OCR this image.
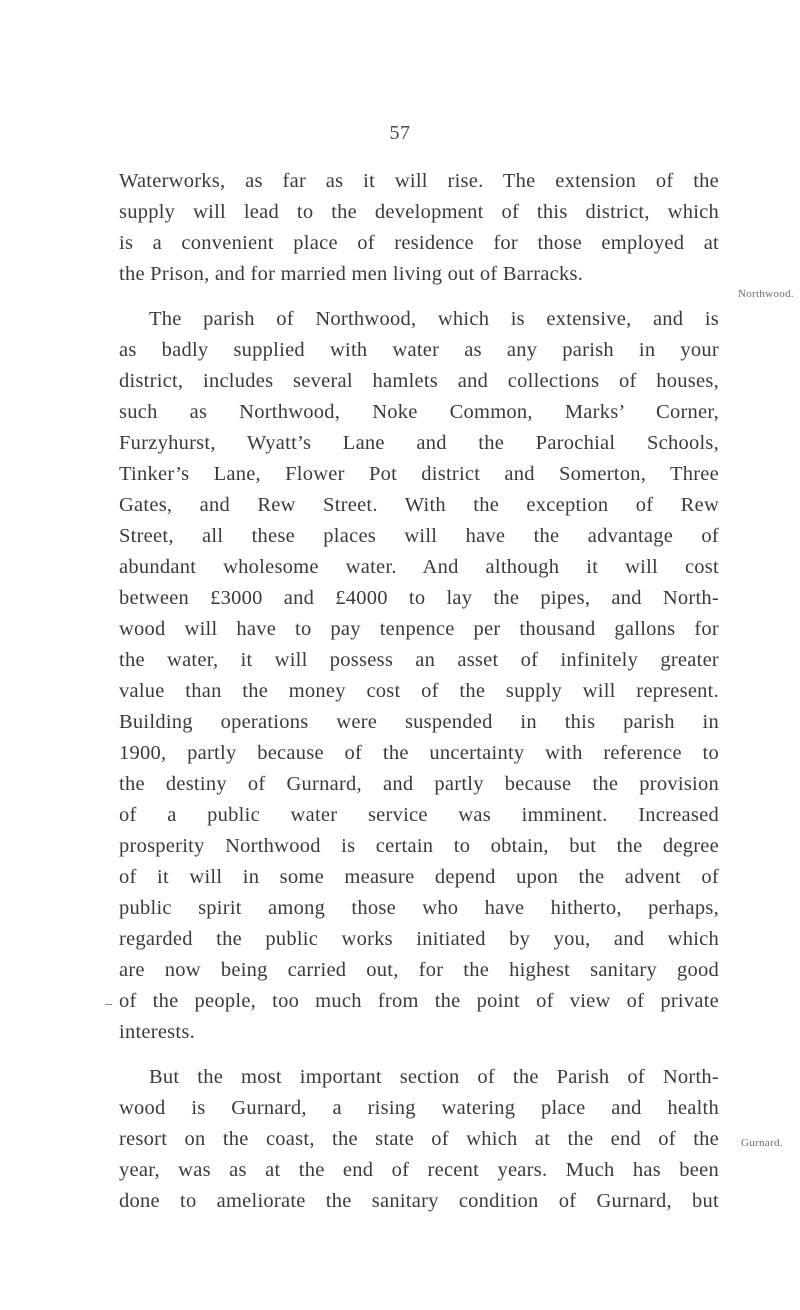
57
Waterworks, as far as it will rise. The extension of the
supply will lead to the development of this district, which
is a convenient place of residence for those employed at
the Prison, and for married men living out of Barracks.
The parish of Northwood, which is extensive, and is
as badly supplied with water as any parish in your
district, includes several hamlets and collections of houses,
such as Northwood, Noke Common, Marks’ Corner,
Furzyhurst, Wyatt’s Lane and the Parochial Schools,
Tinker’s Lane, Flower Pot district and Somerton, Three
Gates, and Rew Street. With the exception of Rew
Street, all these places will have the advantage of
abundant wholesome water. And although it will cost
between £3000 and £4000 to lay the pipes, and North-
wood will have to pay tenpence per thousand gallons for
the water, it will possess an asset of infinitely greater
value than the money cost of the supply will represent.
Building operations were suspended in this parish in
1900, partly because of the uncertainty with reference to
the destiny of Gurnard, and partly because the provision
of a public water service was imminent. Increased
prosperity Northwood is certain to obtain, but the degree
of it will in some measure depend upon the advent of
public spirit among those who have hitherto, perhaps,
regarded the public works initiated by you, and which
are now being carried out, for the highest sanitary good
of the people, too much from the point of view of private
interests.
But the most important section of the Parish of North-
wood is Gurnard, a rising watering place and health
resort on the coast, the state of which at the end of the
year, was as at the end of recent years. Much has been
done to ameliorate the sanitary condition of Gurnard, but
Northwood.
Gurnard.
